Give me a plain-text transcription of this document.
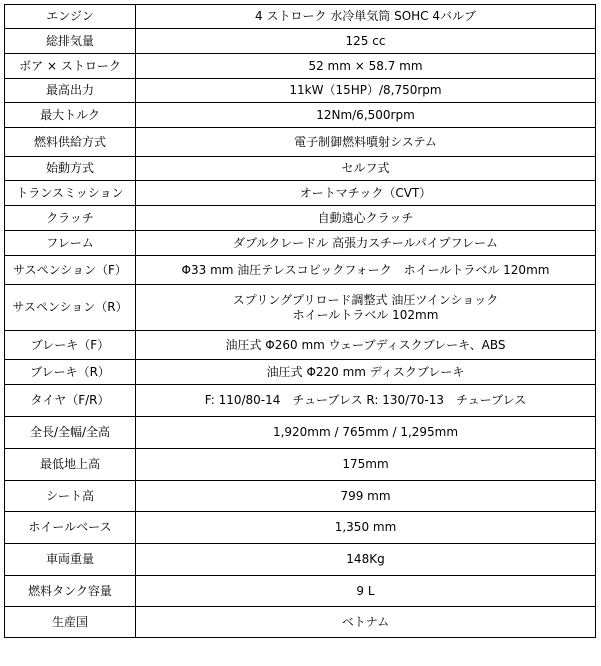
エンジン	4 ストローク 水冷単気筒 SOHC 4バルブ

総排気量	125 cc

ボア × ストローク	52 mm × 58.7 mm

最高出力	11kW（15HP）/8,750rpm

最大トルク	12Nm/6,500rpm

燃料供給方式	電子制御燃料噴射システム

始動方式	セルフ式

トランスミッション	オートマチック（CVT）

クラッチ	自動遠心クラッチ

フレーム	ダブルクレードル 高張力スチールパイプフレーム

サスペンション（F）	Φ33 mm 油圧テレスコピックフォーク　ホイールトラベル 120mm

サスペンション（R）	スプリングプリロード調整式 油圧ツインショック
ホイールトラベル 102mm

ブレーキ（F）	油圧式 Φ260 mm ウェーブディスクブレーキ、ABS

ブレーキ（R）	油圧式 Φ220 mm ディスクブレーキ

タイヤ（F/R）	F: 110/80-14　チューブレス R: 130/70-13　チューブレス

全長/全幅/全高	1,920mm / 765mm / 1,295mm

最低地上高	175mm

シート高	799 mm

ホイールベース	1,350 mm

車両重量	148Kg

燃料タンク容量	9 L

生産国	ベトナム
